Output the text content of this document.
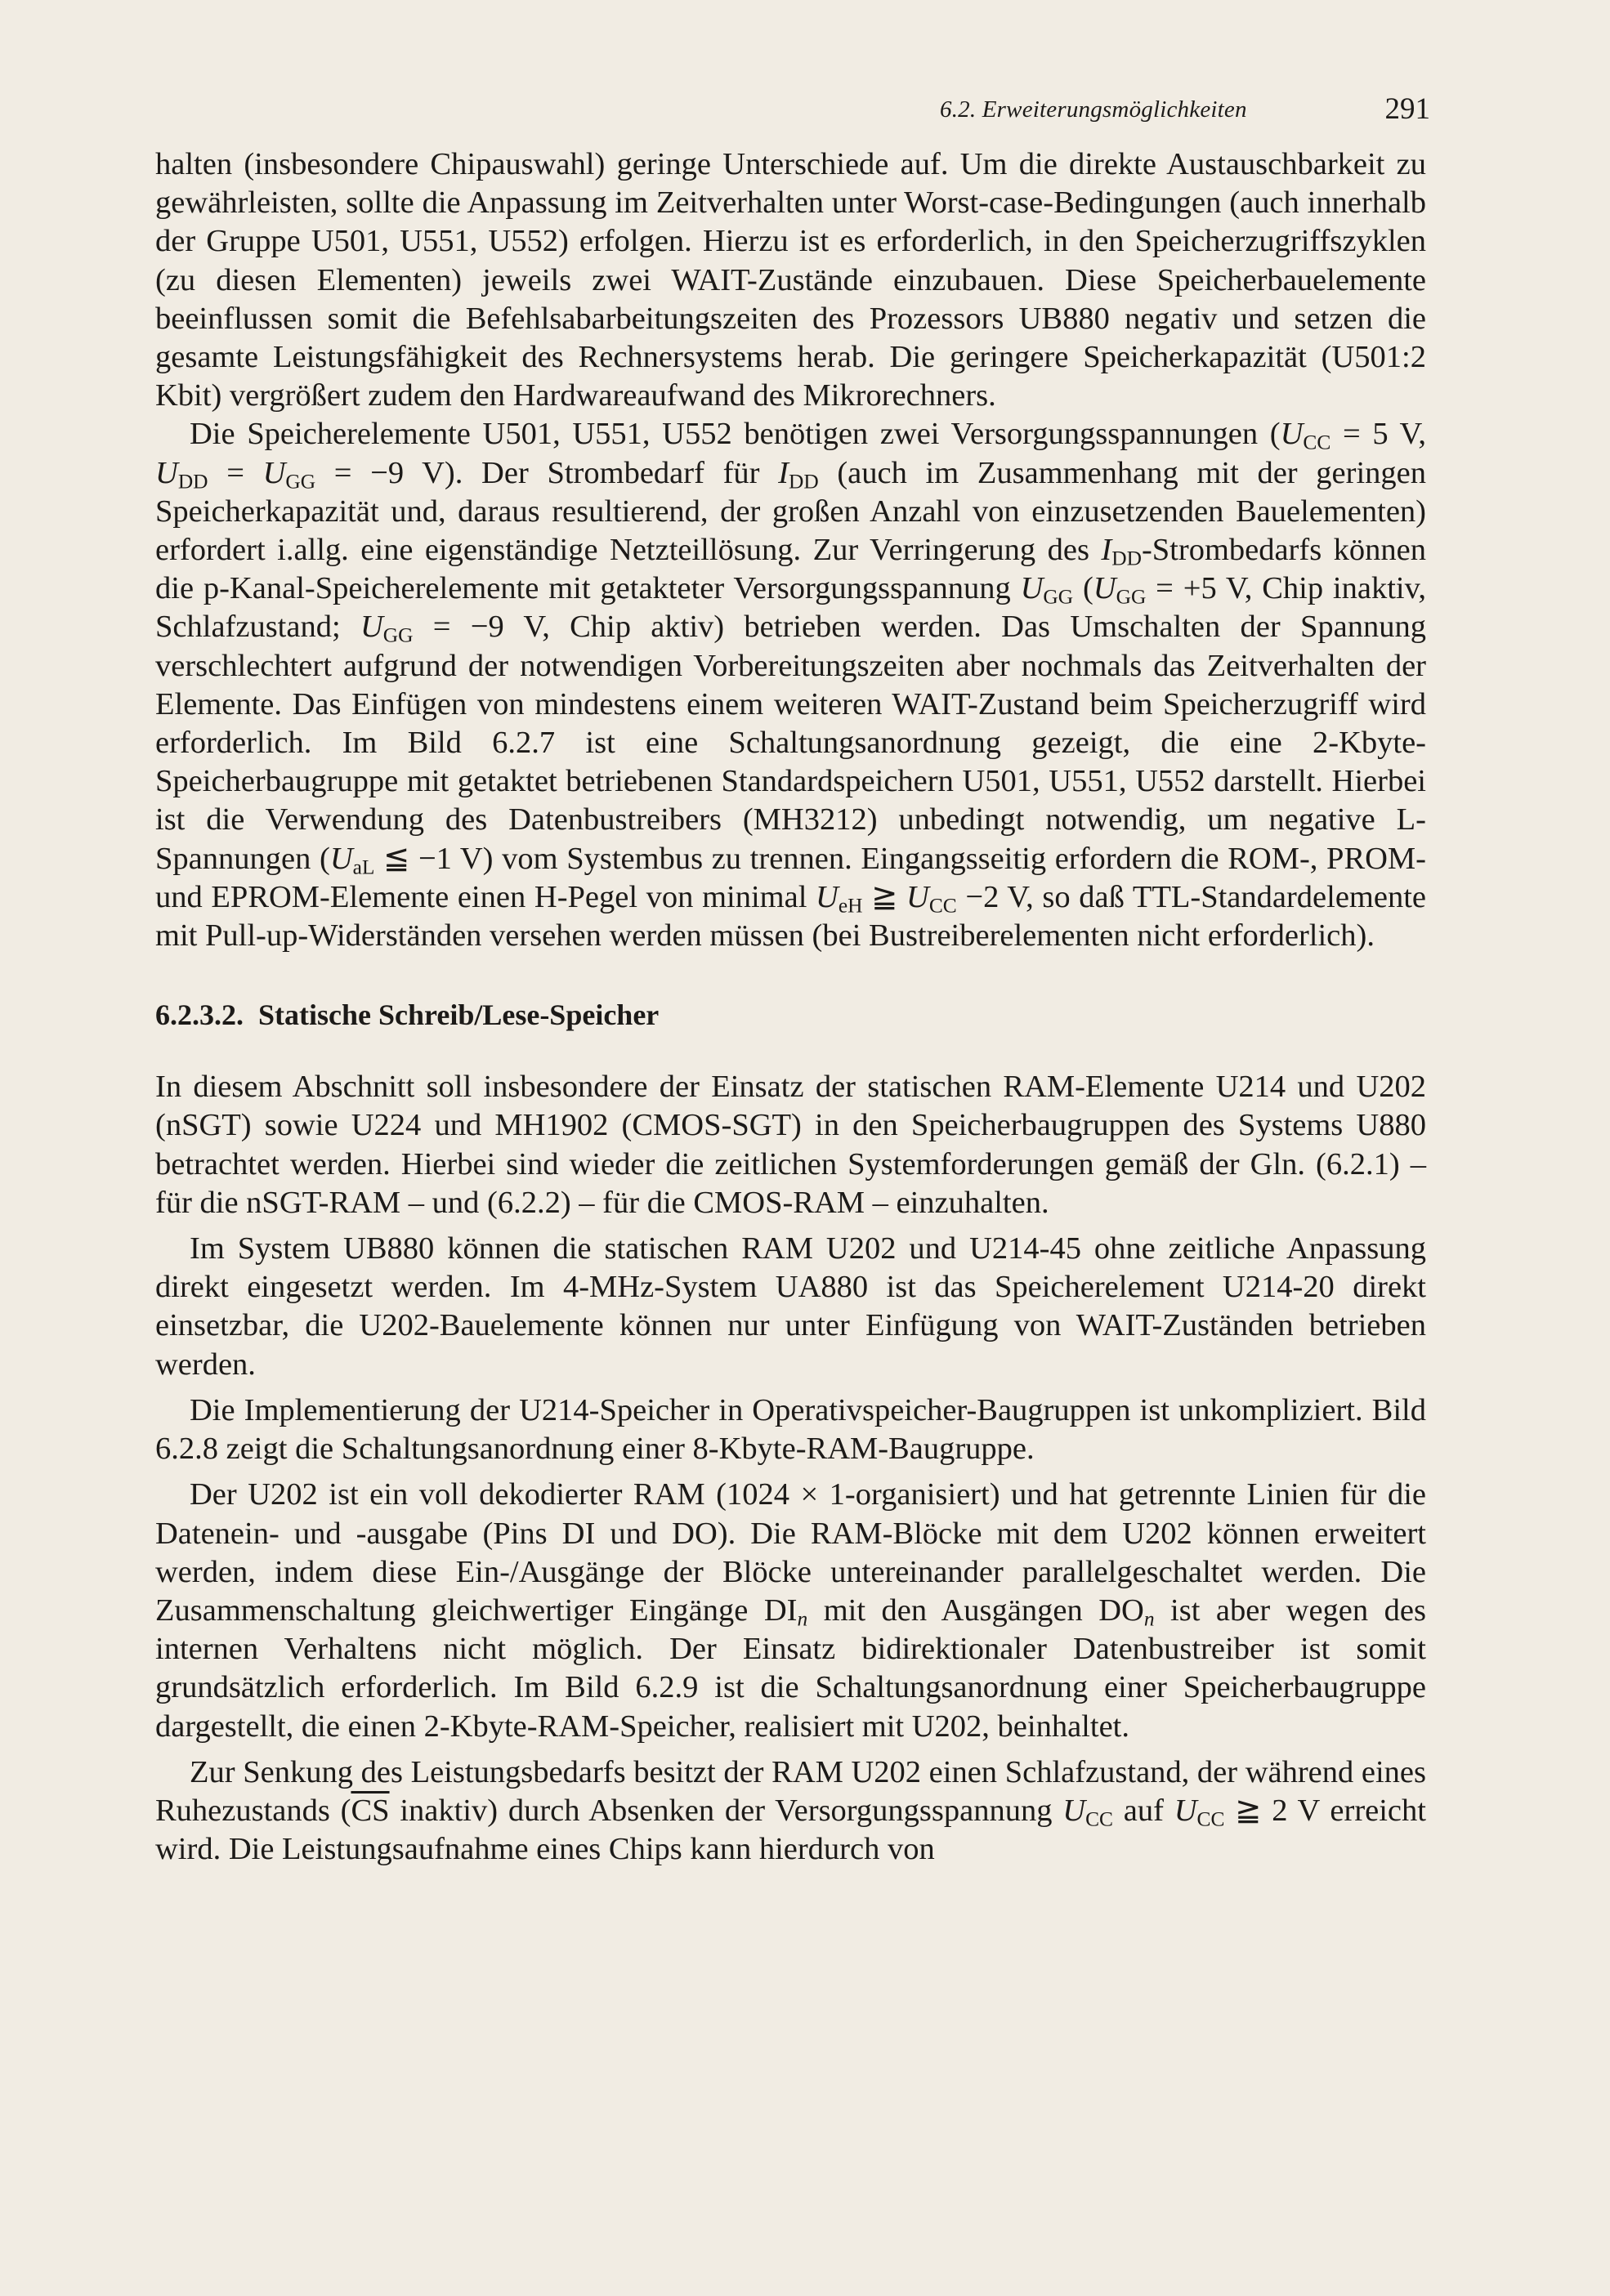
6.2. Erweiterungsmöglichkeiten	291

halten (insbesondere Chipauswahl) geringe Unterschiede auf. Um die direkte Austauschbarkeit zu gewährleisten, sollte die Anpassung im Zeitverhalten unter Worst-case-Bedingungen (auch innerhalb der Gruppe U501, U551, U552) erfolgen. Hierzu ist es erforderlich, in den Speicherzugriffszyklen (zu diesen Elementen) jeweils zwei WAIT-Zustände einzubauen. Diese Speicherbauelemente beeinflussen somit die Befehlsabarbeitungszeiten des Prozessors UB880 negativ und setzen die gesamte Leistungsfähigkeit des Rechnersystems herab. Die geringere Speicherkapazität (U501:2 Kbit) vergrößert zudem den Hardwareaufwand des Mikrorechners.

Die Speicherelemente U501, U551, U552 benötigen zwei Versorgungsspannungen ($U_{CC} = 5$ V, $U_{DD} = U_{GG} = -9$ V). Der Strombedarf für $I_{DD}$ (auch im Zusammenhang mit der geringen Speicherkapazität und, daraus resultierend, der großen Anzahl von einzusetzenden Bauelementen) erfordert i.allg. eine eigenständige Netzteillösung. Zur Verringerung des $I_{DD}$-Strombedarfs können die p-Kanal-Speicherelemente mit getakteter Versorgungsspannung $U_{GG}$ ($U_{GG} = +5$ V, Chip inaktiv, Schlafzustand; $U_{GG} = -9$ V, Chip aktiv) betrieben werden. Das Umschalten der Spannung verschlechtert aufgrund der notwendigen Vorbereitungszeiten aber nochmals das Zeitverhalten der Elemente. Das Einfügen von mindestens einem weiteren WAIT-Zustand beim Speicherzugriff wird erforderlich. Im Bild 6.2.7 ist eine Schaltungsanordnung gezeigt, die eine 2-Kbyte-Speicherbaugruppe mit getaktet betriebenen Standardspeichern U501, U551, U552 darstellt. Hierbei ist die Verwendung des Datenbustreibers (MH3212) unbedingt notwendig, um negative L-Spannungen ($U_{aL}$ ≦ −1 V) vom Systembus zu trennen. Eingangsseitig erfordern die ROM-, PROM- und EPROM-Elemente einen H-Pegel von minimal $U_{eH}$ ≧ $U_{CC} -2$ V, so daß TTL-Standardelemente mit Pull-up-Widerständen versehen werden müssen (bei Bustreiberelementen nicht erforderlich).

6.2.3.2. Statische Schreib/Lese-Speicher

In diesem Abschnitt soll insbesondere der Einsatz der statischen RAM-Elemente U214 und U202 (nSGT) sowie U224 und MH1902 (CMOS-SGT) in den Speicherbaugruppen des Systems U880 betrachtet werden. Hierbei sind wieder die zeitlichen Systemforderungen gemäß der Gln. (6.2.1) – für die nSGT-RAM – und (6.2.2) – für die CMOS-RAM – einzuhalten.

Im System UB880 können die statischen RAM U202 und U214-45 ohne zeitliche Anpassung direkt eingesetzt werden. Im 4-MHz-System UA880 ist das Speicherelement U214-20 direkt einsetzbar, die U202-Bauelemente können nur unter Einfügung von WAIT-Zuständen betrieben werden.

Die Implementierung der U214-Speicher in Operativspeicher-Baugruppen ist unkompliziert. Bild 6.2.8 zeigt die Schaltungsanordnung einer 8-Kbyte-RAM-Baugruppe.

Der U202 ist ein voll dekodierter RAM (1024 × 1-organisiert) und hat getrennte Linien für die Datenein- und -ausgabe (Pins DI und DO). Die RAM-Blöcke mit dem U202 können erweitert werden, indem diese Ein-/Ausgänge der Blöcke untereinander parallelgeschaltet werden. Die Zusammenschaltung gleichwertiger Eingänge $DI_n$ mit den Ausgängen $DO_n$ ist aber wegen des internen Verhaltens nicht möglich. Der Einsatz bidirektionaler Datenbustreiber ist somit grundsätzlich erforderlich. Im Bild 6.2.9 ist die Schaltungsanordnung einer Speicherbaugruppe dargestellt, die einen 2-Kbyte-RAM-Speicher, realisiert mit U202, beinhaltet.

Zur Senkung des Leistungsbedarfs besitzt der RAM U202 einen Schlafzustand, der während eines Ruhezustands ($\overline{CS}$ inaktiv) durch Absenken der Versorgungsspannung $U_{CC}$ auf $U_{CC}$ ≧ 2 V erreicht wird. Die Leistungsaufnahme eines Chips kann hierdurch von
